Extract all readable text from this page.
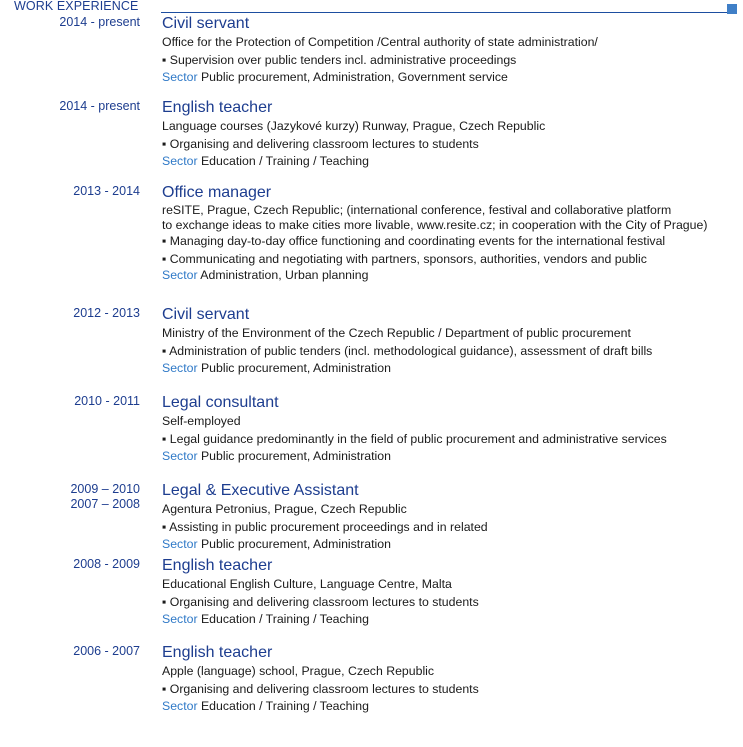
WORK EXPERIENCE
2014 - present Civil servant
Office for the Protection of Competition /Central authority of state administration/
▪ Supervision over public tenders incl. administrative proceedings
Sector Public procurement, Administration, Government service
2014 - present English teacher
Language courses (Jazykové kurzy) Runway, Prague, Czech Republic
▪ Organising and delivering classroom lectures to students
Sector Education / Training / Teaching
2013 - 2014 Office manager
reSITE, Prague, Czech Republic; (international conference, festival and collaborative platform
to exchange ideas to make cities more livable, www.resite.cz; in cooperation with the City of Prague)
▪ Managing day-to-day office functioning and coordinating events for the international festival
▪ Communicating and negotiating with partners, sponsors, authorities, vendors and public
Sector Administration, Urban planning
2012 - 2013 Civil servant
Ministry of the Environment of the Czech Republic / Department of public procurement
▪ Administration of public tenders (incl. methodological guidance), assessment of draft bills
Sector Public procurement, Administration
2010 - 2011 Legal consultant
Self-employed
▪ Legal guidance predominantly in the field of public procurement and administrative services
Sector Public procurement, Administration
2009 – 2010
2007 – 2008
Legal & Executive Assistant
Agentura Petronius, Prague, Czech Republic
▪ Assisting in public procurement proceedings and in related
Sector Public procurement, Administration
2008 - 2009 English teacher
Educational English Culture, Language Centre, Malta
▪ Organising and delivering classroom lectures to students
Sector Education / Training / Teaching
2006 - 2007 English teacher
Apple (language) school, Prague, Czech Republic
▪ Organising and delivering classroom lectures to students
Sector Education / Training / Teaching
